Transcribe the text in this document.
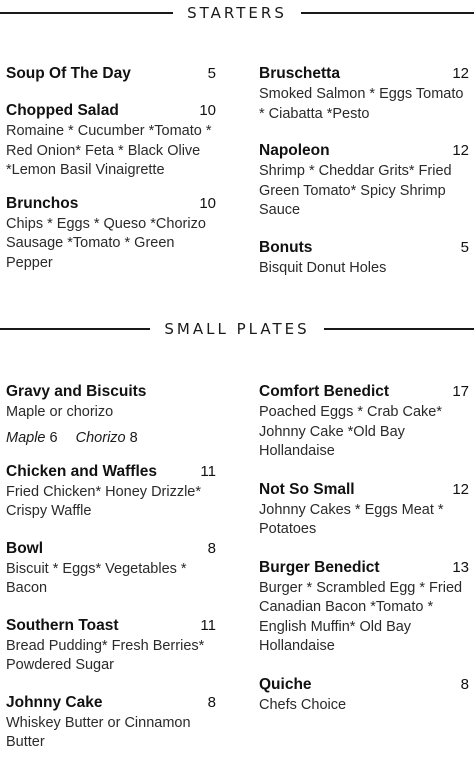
STARTERS
Soup Of The Day	5
Chopped Salad	10
Romaine * Cucumber *Tomato * Red Onion* Feta * Black Olive *Lemon Basil Vinaigrette
Brunchos	10
Chips * Eggs * Queso *Chorizo Sausage *Tomato * Green Pepper
Bruschetta	12
Smoked Salmon * Eggs Tomato * Ciabatta *Pesto
Napoleon	12
Shrimp * Cheddar Grits* Fried Green Tomato* Spicy Shrimp Sauce
Bonuts	5
Bisquit Donut Holes
SMALL PLATES
Gravy and Biscuits
Maple or chorizo
Maple 6 Chorizo 8
Chicken and Waffles	11
Fried Chicken* Honey Drizzle* Crispy Waffle
Bowl	8
Biscuit * Eggs* Vegetables * Bacon
Southern Toast	11
Bread Pudding* Fresh Berries* Powdered Sugar
Johnny Cake	8
Whiskey Butter or Cinnamon Butter
Comfort Benedict	17
Poached Eggs * Crab Cake* Johnny Cake *Old Bay Hollandaise
Not So Small	12
Johnny Cakes * Eggs Meat * Potatoes
Burger Benedict	13
Burger * Scrambled Egg * Fried Canadian Bacon *Tomato * English Muffin* Old Bay Hollandaise
Quiche	8
Chefs Choice
